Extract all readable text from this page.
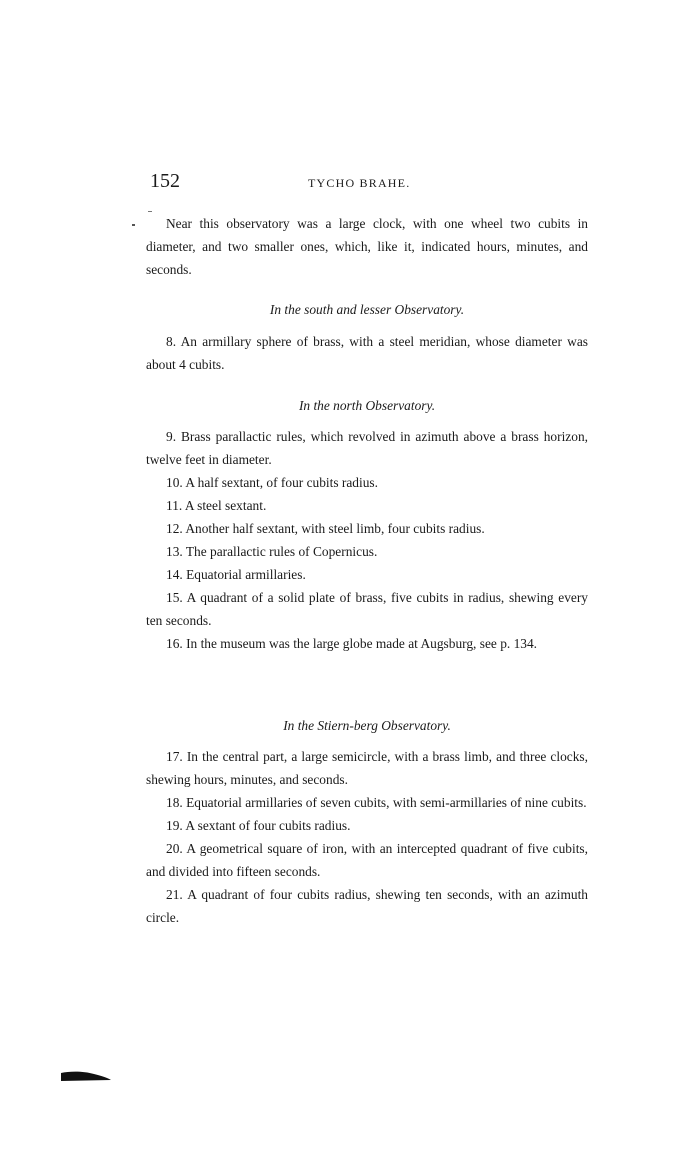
152	TYCHO BRAHE.

Near this observatory was a large clock, with one wheel two cubits in diameter, and two smaller ones, which, like it, indicated hours, minutes, and seconds.

In the south and lesser Observatory.

8. An armillary sphere of brass, with a steel meridian, whose diameter was about 4 cubits.

In the north Observatory.

9. Brass parallactic rules, which revolved in azimuth above a brass horizon, twelve feet in diameter.

10. A half sextant, of four cubits radius.

11. A steel sextant.

12. Another half sextant, with steel limb, four cubits radius.

13. The parallactic rules of Copernicus.

14. Equatorial armillaries.

15. A quadrant of a solid plate of brass, five cubits in radius, shewing every ten seconds.

16. In the museum was the large globe made at Augsburg, see p. 134.

In the Stiern-berg Observatory.

17. In the central part, a large semicircle, with a brass limb, and three clocks, shewing hours, minutes, and seconds.

18. Equatorial armillaries of seven cubits, with semi-armillaries of nine cubits.

19. A sextant of four cubits radius.

20. A geometrical square of iron, with an intercepted quadrant of five cubits, and divided into fifteen seconds.

21. A quadrant of four cubits radius, shewing ten seconds, with an azimuth circle.
